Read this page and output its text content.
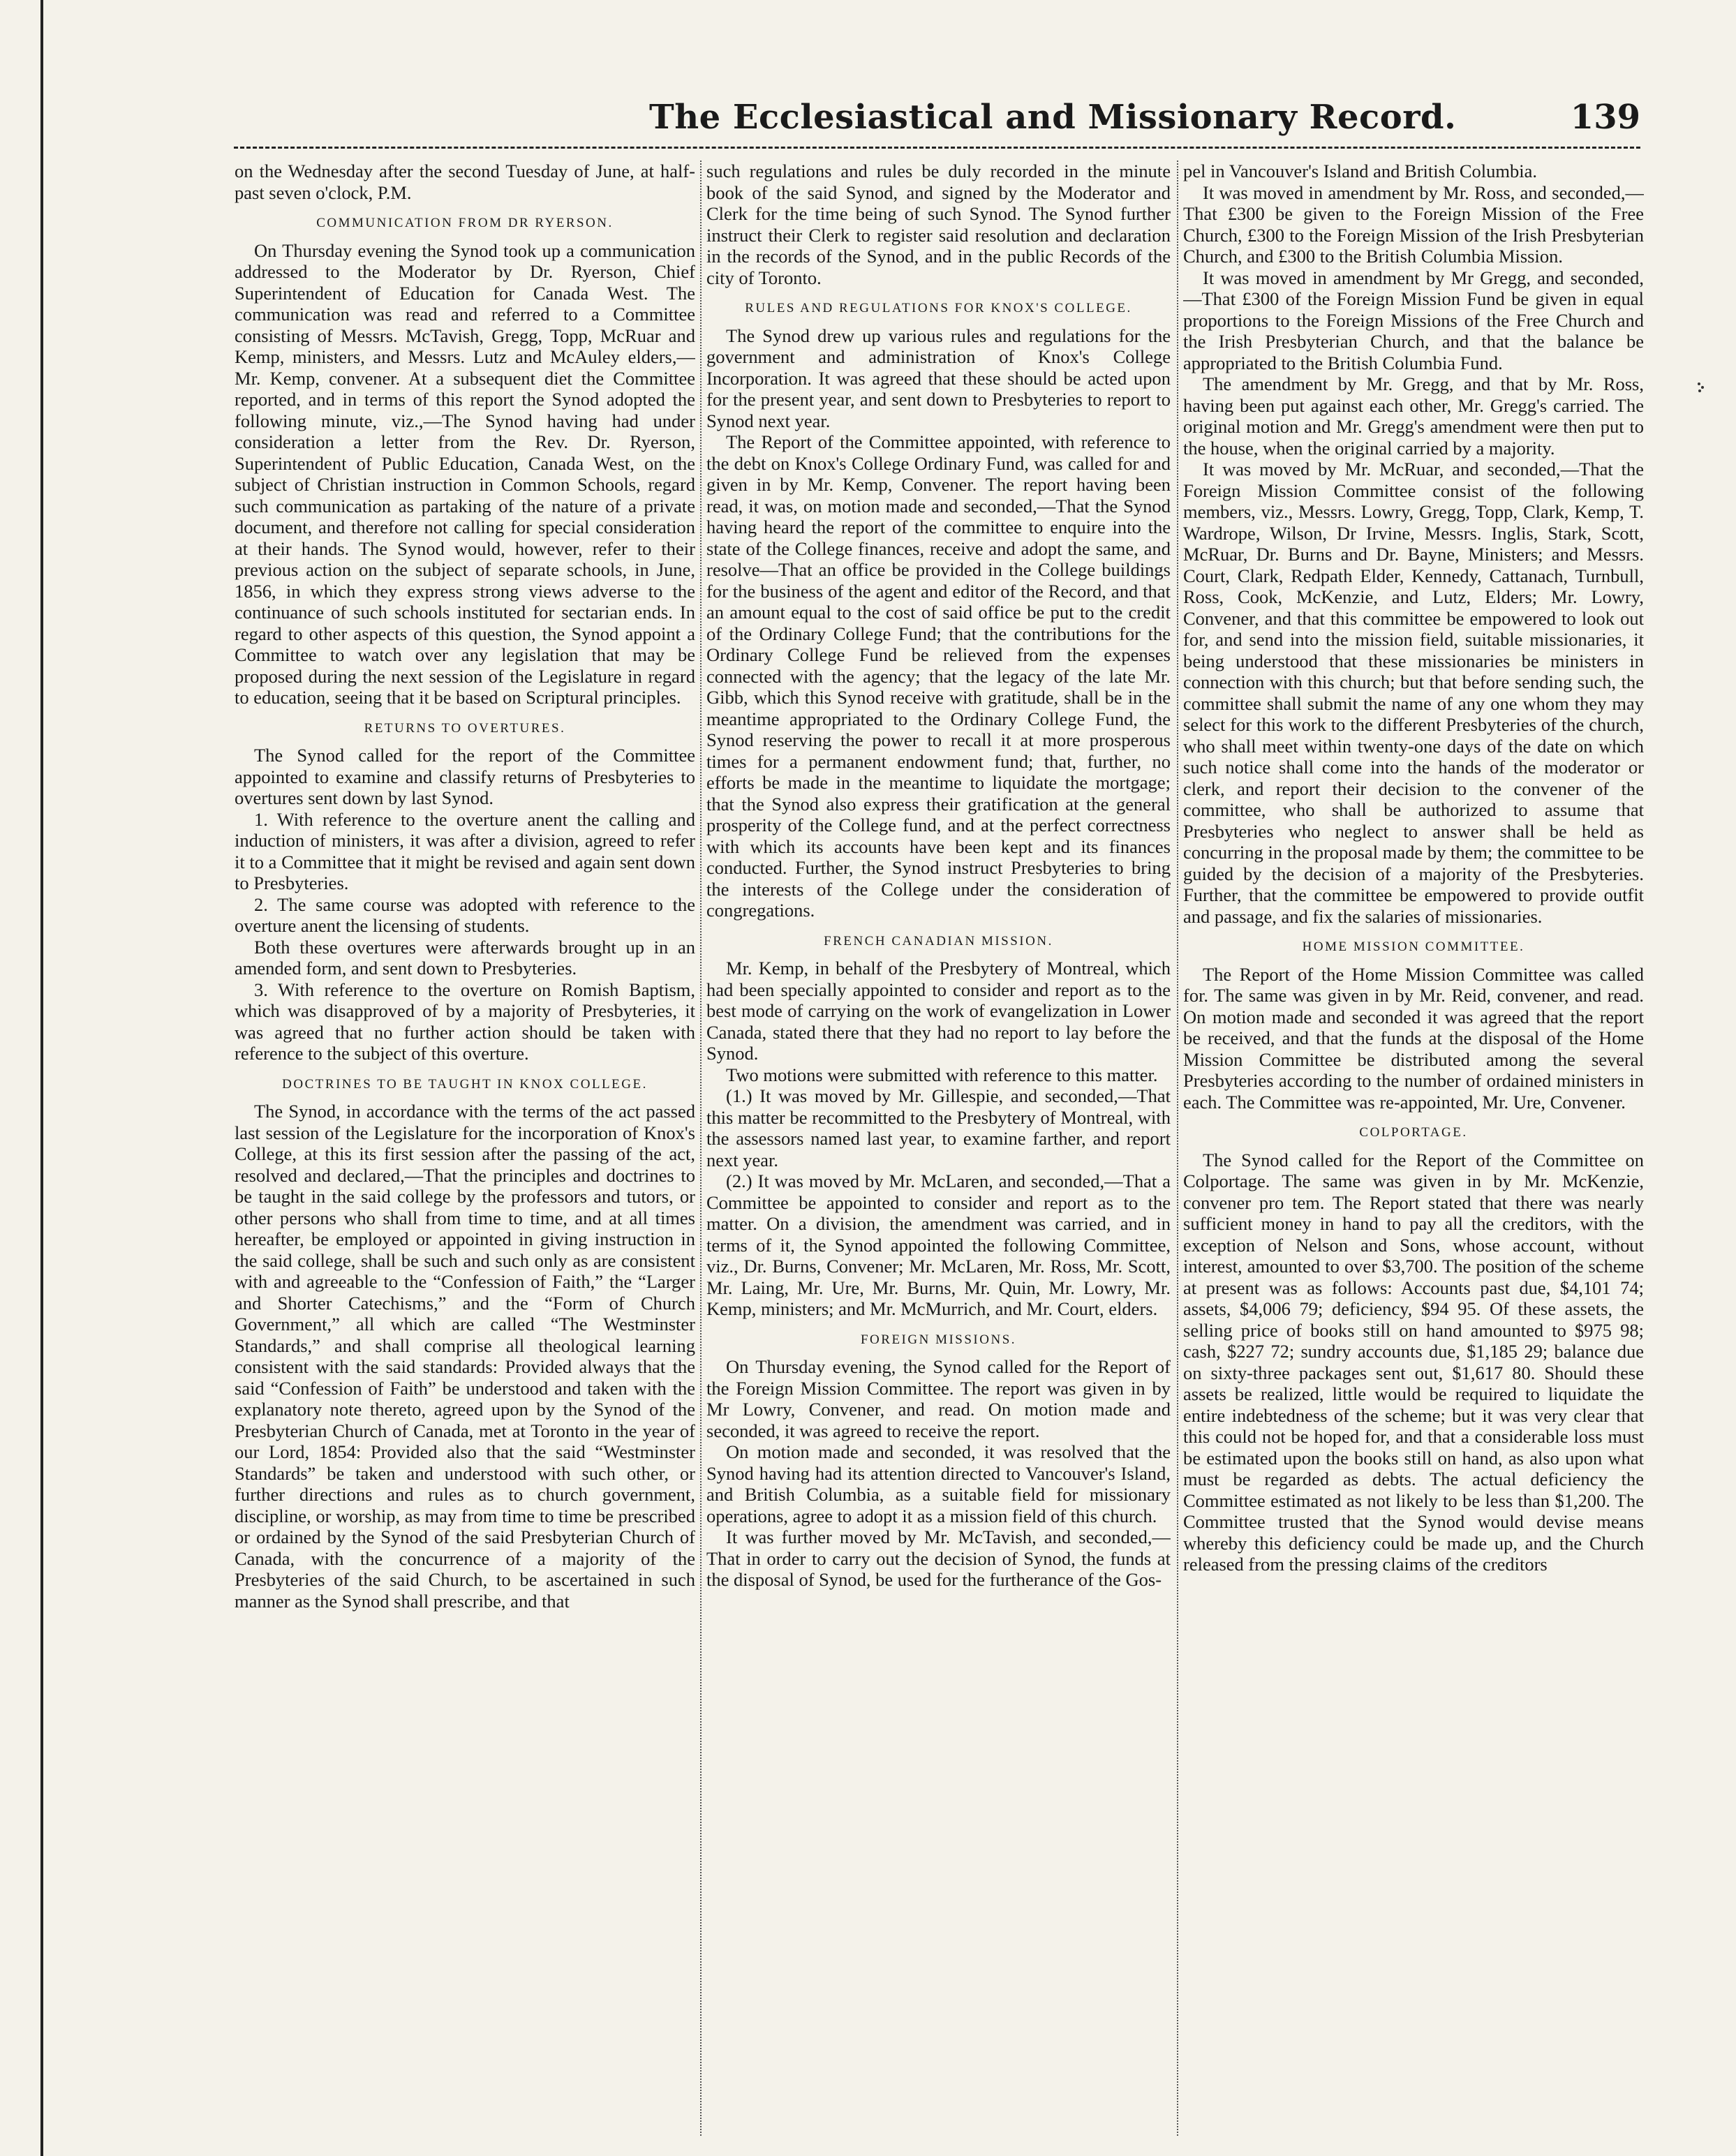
The Ecclesiastical and Missionary Record.	139

on the Wednesday after the second Tuesday of June, at half-past seven o'clock, P.M.

COMMUNICATION FROM DR RYERSON.

On Thursday evening the Synod took up a communication addressed to the Moderator by Dr. Ryerson, Chief Superintendent of Education for Canada West. The communication was read and referred to a Committee consisting of Messrs. McTavish, Gregg, Topp, McRuar and Kemp, ministers, and Messrs. Lutz and McAuley elders,—Mr. Kemp, convener. At a subsequent diet the Committee reported, and in terms of this report the Synod adopted the following minute, viz.,—The Synod having had under consideration a letter from the Rev. Dr. Ryerson, Superintendent of Public Education, Canada West, on the subject of Christian instruction in Common Schools, regard such communication as partaking of the nature of a private document, and therefore not calling for special consideration at their hands. The Synod would, however, refer to their previous action on the subject of separate schools, in June, 1856, in which they express strong views adverse to the continuance of such schools instituted for sectarian ends. In regard to other aspects of this question, the Synod appoint a Committee to watch over any legislation that may be proposed during the next session of the Legislature in regard to education, seeing that it be based on Scriptural principles.

RETURNS TO OVERTURES.

The Synod called for the report of the Committee appointed to examine and classify returns of Presbyteries to overtures sent down by last Synod.

1. With reference to the overture anent the calling and induction of ministers, it was after a division, agreed to refer it to a Committee that it might be revised and again sent down to Presbyteries.

2. The same course was adopted with reference to the overture anent the licensing of students.

Both these overtures were afterwards brought up in an amended form, and sent down to Presbyteries.

3. With reference to the overture on Romish Baptism, which was disapproved of by a majority of Presbyteries, it was agreed that no further action should be taken with reference to the subject of this overture.

DOCTRINES TO BE TAUGHT IN KNOX COLLEGE.

The Synod, in accordance with the terms of the act passed last session of the Legislature for the incorporation of Knox's College, at this its first session after the passing of the act, resolved and declared,—That the principles and doctrines to be taught in the said college by the professors and tutors, or other persons who shall from time to time, and at all times hereafter, be employed or appointed in giving instruction in the said college, shall be such and such only as are consistent with and agreeable to the “Confession of Faith,” the “Larger and Shorter Catechisms,” and the “Form of Church Government,” all which are called “The Westminster Standards,” and shall comprise all theological learning consistent with the said standards: Provided always that the said “Confession of Faith” be understood and taken with the explanatory note thereto, agreed upon by the Synod of the Presbyterian Church of Canada, met at Toronto in the year of our Lord, 1854: Provided also that the said “Westminster Standards” be taken and understood with such other, or further directions and rules as to church government, discipline, or worship, as may from time to time be prescribed or ordained by the Synod of the said Presbyterian Church of Canada, with the concurrence of a majority of the Presbyteries of the said Church, to be ascertained in such manner as the Synod shall prescribe, and that

such regulations and rules be duly recorded in the minute book of the said Synod, and signed by the Moderator and Clerk for the time being of such Synod. The Synod further instruct their Clerk to register said resolution and declaration in the records of the Synod, and in the public Records of the city of Toronto.

RULES AND REGULATIONS FOR KNOX'S COLLEGE.

The Synod drew up various rules and regulations for the government and administration of Knox's College Incorporation. It was agreed that these should be acted upon for the present year, and sent down to Presbyteries to report to Synod next year.

The Report of the Committee appointed, with reference to the debt on Knox's College Ordinary Fund, was called for and given in by Mr. Kemp, Convener. The report having been read, it was, on motion made and seconded,—That the Synod having heard the report of the committee to enquire into the state of the College finances, receive and adopt the same, and resolve—That an office be provided in the College buildings for the business of the agent and editor of the Record, and that an amount equal to the cost of said office be put to the credit of the Ordinary College Fund; that the contributions for the Ordinary College Fund be relieved from the expenses connected with the agency; that the legacy of the late Mr. Gibb, which this Synod receive with gratitude, shall be in the meantime appropriated to the Ordinary College Fund, the Synod reserving the power to recall it at more prosperous times for a permanent endowment fund; that, further, no efforts be made in the meantime to liquidate the mortgage; that the Synod also express their gratification at the general prosperity of the College fund, and at the perfect correctness with which its accounts have been kept and its finances conducted. Further, the Synod instruct Presbyteries to bring the interests of the College under the consideration of congregations.

FRENCH CANADIAN MISSION.

Mr. Kemp, in behalf of the Presbytery of Montreal, which had been specially appointed to consider and report as to the best mode of carrying on the work of evangelization in Lower Canada, stated there that they had no report to lay before the Synod.

Two motions were submitted with reference to this matter.

(1.) It was moved by Mr. Gillespie, and seconded,—That this matter be recommitted to the Presbytery of Montreal, with the assessors named last year, to examine farther, and report next year.

(2.) It was moved by Mr. McLaren, and seconded,—That a Committee be appointed to consider and report as to the matter. On a division, the amendment was carried, and in terms of it, the Synod appointed the following Committee, viz., Dr. Burns, Convener; Mr. McLaren, Mr. Ross, Mr. Scott, Mr. Laing, Mr. Ure, Mr. Burns, Mr. Quin, Mr. Lowry, Mr. Kemp, ministers; and Mr. McMurrich, and Mr. Court, elders.

FOREIGN MISSIONS.

On Thursday evening, the Synod called for the Report of the Foreign Mission Committee. The report was given in by Mr Lowry, Convener, and read. On motion made and seconded, it was agreed to receive the report.

On motion made and seconded, it was resolved that the Synod having had its attention directed to Vancouver's Island, and British Columbia, as a suitable field for missionary operations, agree to adopt it as a mission field of this church.

It was further moved by Mr. McTavish, and seconded,—That in order to carry out the decision of Synod, the funds at the disposal of Synod, be used for the furtherance of the Gos-

pel in Vancouver's Island and British Columbia.

It was moved in amendment by Mr. Ross, and seconded,—That £300 be given to the Foreign Mission of the Free Church, £300 to the Foreign Mission of the Irish Presbyterian Church, and £300 to the British Columbia Mission.

It was moved in amendment by Mr Gregg, and seconded,—That £300 of the Foreign Mission Fund be given in equal proportions to the Foreign Missions of the Free Church and the Irish Presbyterian Church, and that the balance be appropriated to the British Columbia Fund.

The amendment by Mr. Gregg, and that by Mr. Ross, having been put against each other, Mr. Gregg's carried. The original motion and Mr. Gregg's amendment were then put to the house, when the original carried by a majority.

It was moved by Mr. McRuar, and seconded,—That the Foreign Mission Committee consist of the following members, viz., Messrs. Lowry, Gregg, Topp, Clark, Kemp, T. Wardrope, Wilson, Dr Irvine, Messrs. Inglis, Stark, Scott, McRuar, Dr. Burns and Dr. Bayne, Ministers; and Messrs. Court, Clark, Redpath Elder, Kennedy, Cattanach, Turnbull, Ross, Cook, McKenzie, and Lutz, Elders; Mr. Lowry, Convener, and that this committee be empowered to look out for, and send into the mission field, suitable missionaries, it being understood that these missionaries be ministers in connection with this church; but that before sending such, the committee shall submit the name of any one whom they may select for this work to the different Presbyteries of the church, who shall meet within twenty-one days of the date on which such notice shall come into the hands of the moderator or clerk, and report their decision to the convener of the committee, who shall be authorized to assume that Presbyteries who neglect to answer shall be held as concurring in the proposal made by them; the committee to be guided by the decision of a majority of the Presbyteries. Further, that the committee be empowered to provide outfit and passage, and fix the salaries of missionaries.

HOME MISSION COMMITTEE.

The Report of the Home Mission Committee was called for. The same was given in by Mr. Reid, convener, and read. On motion made and seconded it was agreed that the report be received, and that the funds at the disposal of the Home Mission Committee be distributed among the several Presbyteries according to the number of ordained ministers in each. The Committee was re-appointed, Mr. Ure, Convener.

COLPORTAGE.

The Synod called for the Report of the Committee on Colportage. The same was given in by Mr. McKenzie, convener pro tem. The Report stated that there was nearly sufficient money in hand to pay all the creditors, with the exception of Nelson and Sons, whose account, without interest, amounted to over $3,700. The position of the scheme at present was as follows: Accounts past due, $4,101 74; assets, $4,006 79; deficiency, $94 95. Of these assets, the selling price of books still on hand amounted to $975 98; cash, $227 72; sundry accounts due, $1,185 29; balance due on sixty-three packages sent out, $1,617 80. Should these assets be realized, little would be required to liquidate the entire indebtedness of the scheme; but it was very clear that this could not be hoped for, and that a considerable loss must be estimated upon the books still on hand, as also upon what must be regarded as debts. The actual deficiency the Committee estimated as not likely to be less than $1,200. The Committee trusted that the Synod would devise means whereby this deficiency could be made up, and the Church released from the pressing claims of the creditors
